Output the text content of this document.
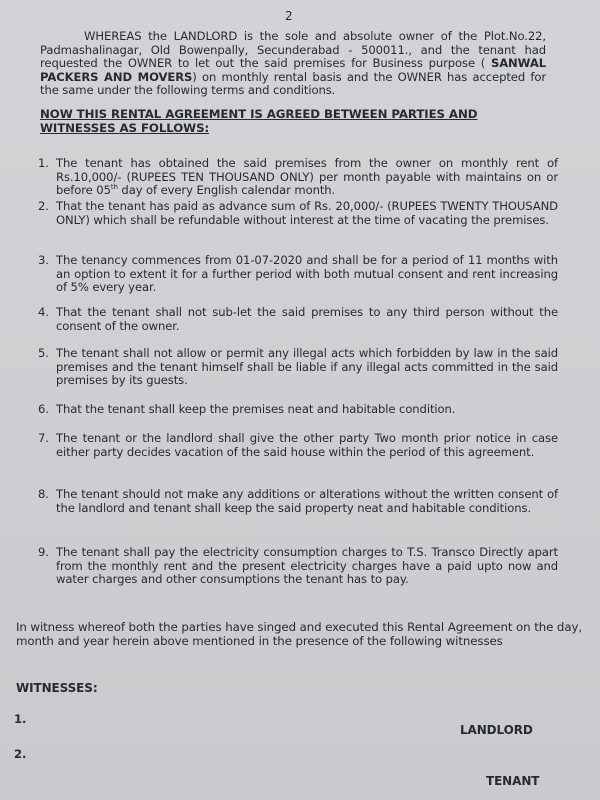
2

WHEREAS the LANDLORD is the sole and absolute owner of the Plot.No.22, Padmashalinagar, Old Bowenpally, Secunderabad - 500011., and the tenant had requested the OWNER to let out the said premises for Business purpose ( SANWAL PACKERS AND MOVERS) on monthly rental basis and the OWNER has accepted for the same under the following terms and conditions.

NOW THIS RENTAL AGREEMENT IS AGREED BETWEEN PARTIES AND WITNESSES AS FOLLOWS:

1. The tenant has obtained the said premises from the owner on monthly rent of Rs.10,000/- (RUPEES TEN THOUSAND ONLY) per month payable with maintains on or before 05th day of every English calendar month.
2. That the tenant has paid as advance sum of Rs. 20,000/- (RUPEES TWENTY THOUSAND ONLY) which shall be refundable without interest at the time of vacating the premises.
3. The tenancy commences from 01-07-2020 and shall be for a period of 11 months with an option to extent it for a further period with both mutual consent and rent increasing of 5% every year.
4. That the tenant shall not sub-let the said premises to any third person without the consent of the owner.
5. The tenant shall not allow or permit any illegal acts which forbidden by law in the said premises and the tenant himself shall be liable if any illegal acts committed in the said premises by its guests.
6. That the tenant shall keep the premises neat and habitable condition.
7. The tenant or the landlord shall give the other party Two month prior notice in case either party decides vacation of the said house within the period of this agreement.
8. The tenant should not make any additions or alterations without the written consent of the landlord and tenant shall keep the said property neat and habitable conditions.
9. The tenant shall pay the electricity consumption charges to T.S. Transco Directly apart from the monthly rent and the present electricity charges have a paid upto now and water charges and other consumptions the tenant has to pay.

In witness whereof both the parties have singed and executed this Rental Agreement on the day, month and year herein above mentioned in the presence of the following witnesses

WITNESSES:
1.
2.
LANDLORD
TENANT
